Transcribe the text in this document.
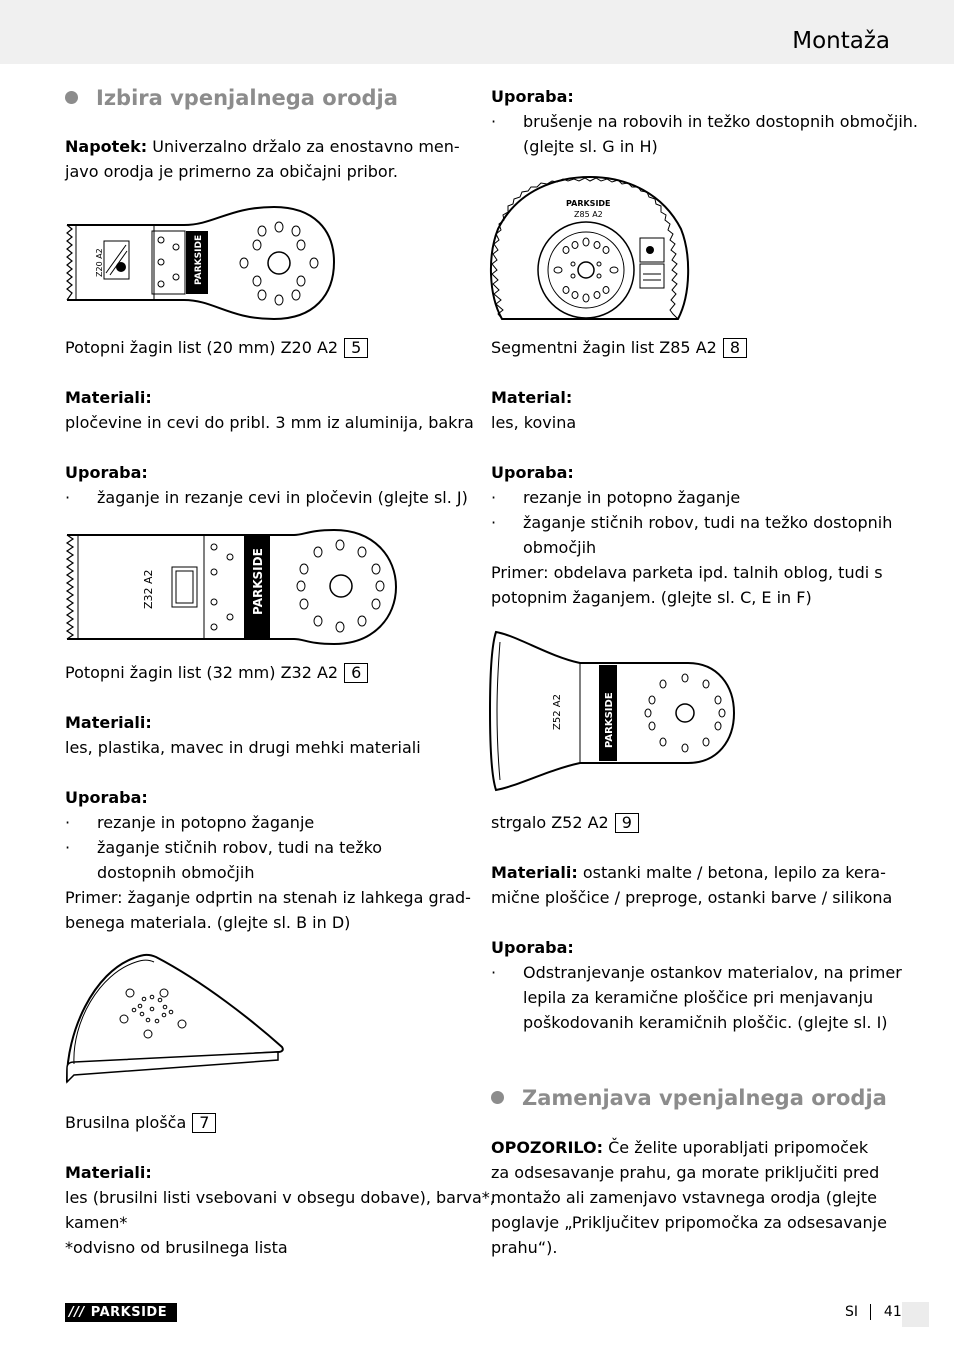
Montaža
Izbira vpenjalnega orodja
Napotek: Univerzalno držalo za enostavno men-
javo orodja je primerno za običajni pribor.
Z20 A2	PARKSIDE
Potopni žagin list (20 mm) Z20 A2 5
Materiali:
pločevine in cevi do pribl. 3 mm iz aluminija, bakra
Uporaba:
· žaganje in rezanje cevi in pločevin (glejte sl. J)
Z32 A2	PARKSIDE
Potopni žagin list (32 mm) Z32 A2 6
Materiali:
les, plastika, mavec in drugi mehki materiali
Uporaba:
· rezanje in potopno žaganje
· žaganje stičnih robov, tudi na težko
dostopnih območjih
Primer: žaganje odprtin na stenah iz lahkega grad-
benega materiala. (glejte sl. B in D)
Brusilna plošča 7
Materiali:
les (brusilni listi vsebovani v obsegu dobave), barva*,
kamen*
*odvisno od brusilnega lista
Uporaba:
· brušenje na robovih in težko dostopnih območjih.
(glejte sl. G in H)
PARKSIDE
Z85 A2
Segmentni žagin list Z85 A2 8
Material:
les, kovina
Uporaba:
· rezanje in potopno žaganje
· žaganje stičnih robov, tudi na težko dostopnih
območjih
Primer: obdelava parketa ipd. talnih oblog, tudi s
potopnim žaganjem. (glejte sl. C, E in F)
Z52 A2	PARKSIDE
strgalo Z52 A2 9
Materiali: ostanki malte / betona, lepilo za kera-
mične ploščice / preproge, ostanki barve / silikona
Uporaba:
· Odstranjevanje ostankov materialov, na primer
lepila za keramične ploščice pri menjavanju
poškodovanih keramičnih ploščic. (glejte sl. I)
Zamenjava vpenjalnega orodja
OPOZORILO: Če želite uporabljati pripomoček
za odsesavanje prahu, ga morate priključiti pred
montažo ali zamenjavo vstavnega orodja (glejte
poglavje „Priključitev pripomočka za odsesavanje
prahu“).
/// PARKSIDE	SI 41
